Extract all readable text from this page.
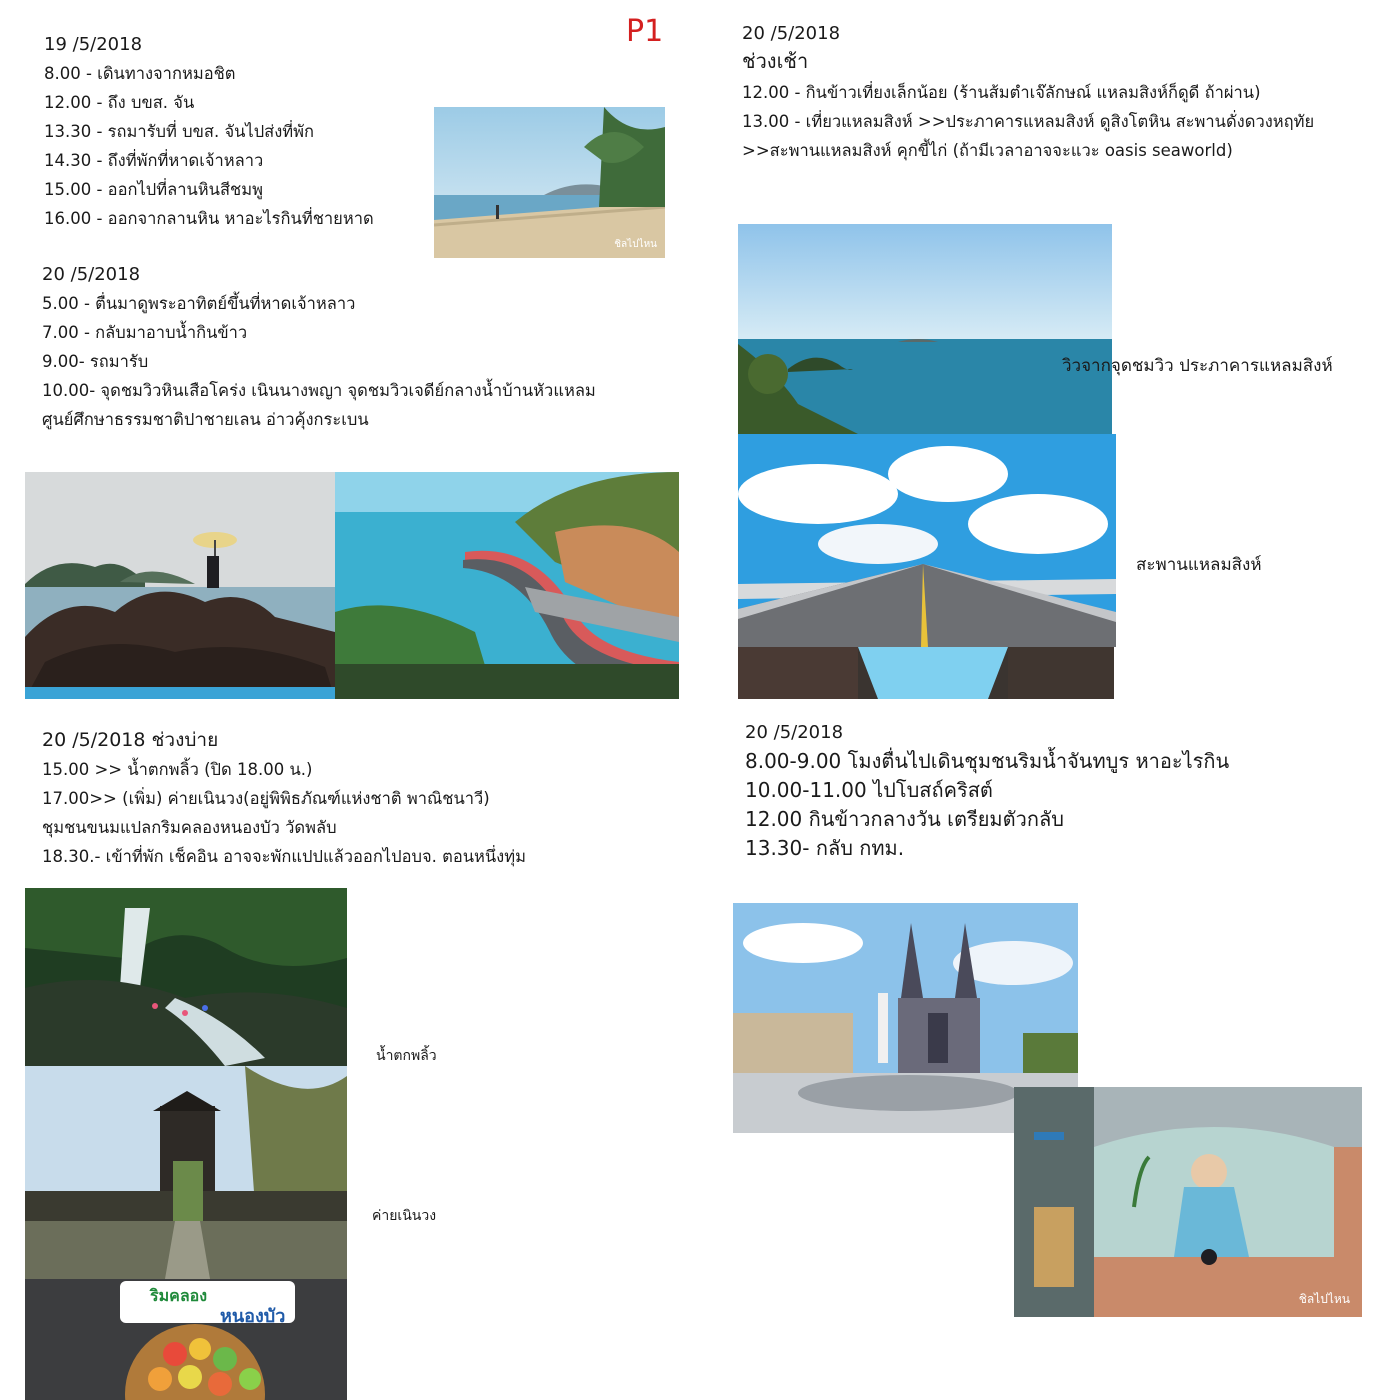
P1
19 /5/2018
8.00 - เดินทางจากหมอชิต
12.00 - ถึง บขส. จัน
13.30 - รถมารับที่ บขส. จันไปส่งที่พัก
14.30 - ถึงที่พักที่หาดเจ้าหลาว
15.00 - ออกไปที่ลานหินสีชมพู
16.00 - ออกจากลานหิน หาอะไรกินที่ชายหาด
ชิลไปไหน
20 /5/2018
5.00 - ตื่นมาดูพระอาทิตย์ขึ้นที่หาดเจ้าหลาว
7.00 - กลับมาอาบน้ำกินข้าว
9.00- รถมารับ
10.00- จุดชมวิวหินเสือโคร่ง เนินนางพญา จุดชมวิวเจดีย์กลางน้ำบ้านหัวแหลม
ศูนย์ศึกษาธรรมชาติปาชายเลน อ่าวคุ้งกระเบน
20 /5/2018 ช่วงบ่าย
15.00 >> น้ำตกพลิ้ว (ปิด 18.00 น.)
17.00>> (เพิ่ม) ค่ายเนินวง(อยู่พิพิธภัณฑ์แห่งชาติ พาณิชนาวี)
ชุมชนขนมแปลกริมคลองหนองบัว วัดพลับ
18.30.- เข้าที่พัก เช็คอิน อาจจะพักแปปแล้วออกไปอบจ. ตอนหนึ่งทุ่ม
ริมคลอง
หนองบัว
น้ำตกพลิ้ว
ค่ายเนินวง
20 /5/2018
ช่วงเช้า
12.00 - กินข้าวเที่ยงเล็กน้อย (ร้านส้มตำเจ๊ลักษณ์ แหลมสิงห์ก็ดูดี ถ้าผ่าน)
13.00 - เที่ยวแหลมสิงห์ >>ประภาคารแหลมสิงห์ ดูสิงโตหิน สะพานดั่งดวงหฤทัย
>>สะพานแหลมสิงห์ คุกขี้ไก่ (ถ้ามีเวลาอาจจะแวะ oasis seaworld)
วิวจากจุดชมวิว ประภาคารแหลมสิงห์
สะพานแหลมสิงห์
20 /5/2018
8.00-9.00 โมงตื่นไปเดินชุมชนริมน้ำจันทบูร หาอะไรกิน
10.00-11.00 ไปโบสถ์คริสต์
12.00 กินข้าวกลางวัน เตรียมตัวกลับ
13.30- กลับ กทม.
ชิลไปไหน
